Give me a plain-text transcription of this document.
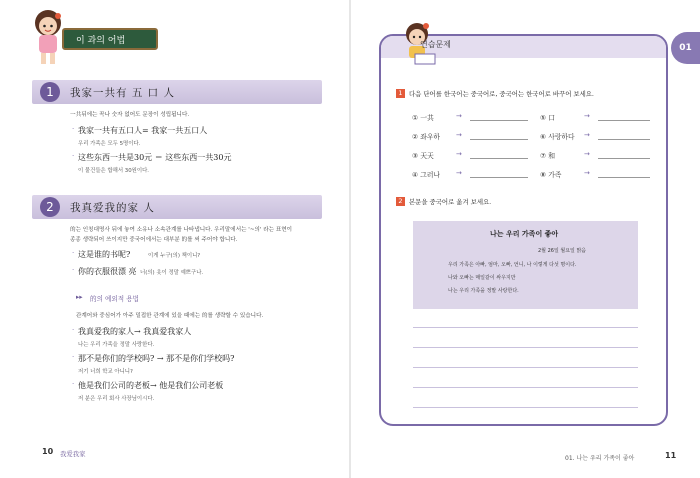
이 과의 어법
1	我家一共有 五 口 人
一共뒤에는 꼭나 숫자 없어도 문장이 성립됩니다.
· 我家一共有五口人= 我家一共五口人
우리 가족은 모두 5명이다.
· 这些东西一共是30元 ＝ 这些东西一共30元
이 물건들은 합해서 30원이다.
2	我真爱我的家 人
的는 인칭대명사 뒤에 놓여 소유나 소속관계를 나타냅니다. 우리말에서는 '~의' 라는 표현이
종종 생략되어 쓰이지만 중국어에서는 대부분 的를 써 주어야 합니다.
· 这是谁的书呢?	이게 누구(의) 책이니?
· 你的衣服很漂 亮 너(의) 옷이 정말 예쁘구나.
▸▸ 的의 예외적 용법
관계어와 중심어가 아주 밀접한 관계에 있을 때에는 的를 생략할 수 있습니다.
· 我真爱我的家人→ 我真爱我家人
나는 우리 가족을 정말 사랑한다.
· 那不是你们的学校吗? → 那不是你们学校吗?
저기 너희 학교 아니니?
· 他是我们公司的老板→ 他是我们公司老板
저 분은 우리 회사 사장님이시다.
10 我爱我家
연습문제	01
1	다음 단어를 한국어는 중국어로, 중국어는 한국어로 바꾸어 보세요.
① 一共	→	⑤ 口	→
② 좌우하 →	⑥ 사랑하다 →
③ 天天	→	⑦ 和	→
④ 그러나 →	⑧ 가족	→
2	본문을 중국어로 옮겨 보세요.
나는 우리 가족이 좋아
2월 26일 월요일 맑음
우리 가족은 아빠, 엄마, 오빠, 언니, 나 이렇게 다섯 명이다.
나와 오빠는 매일같이 싸우지만
나는 우리 가족을 정말 사랑한다.
01. 나는 우리 가족이 좋아	11
